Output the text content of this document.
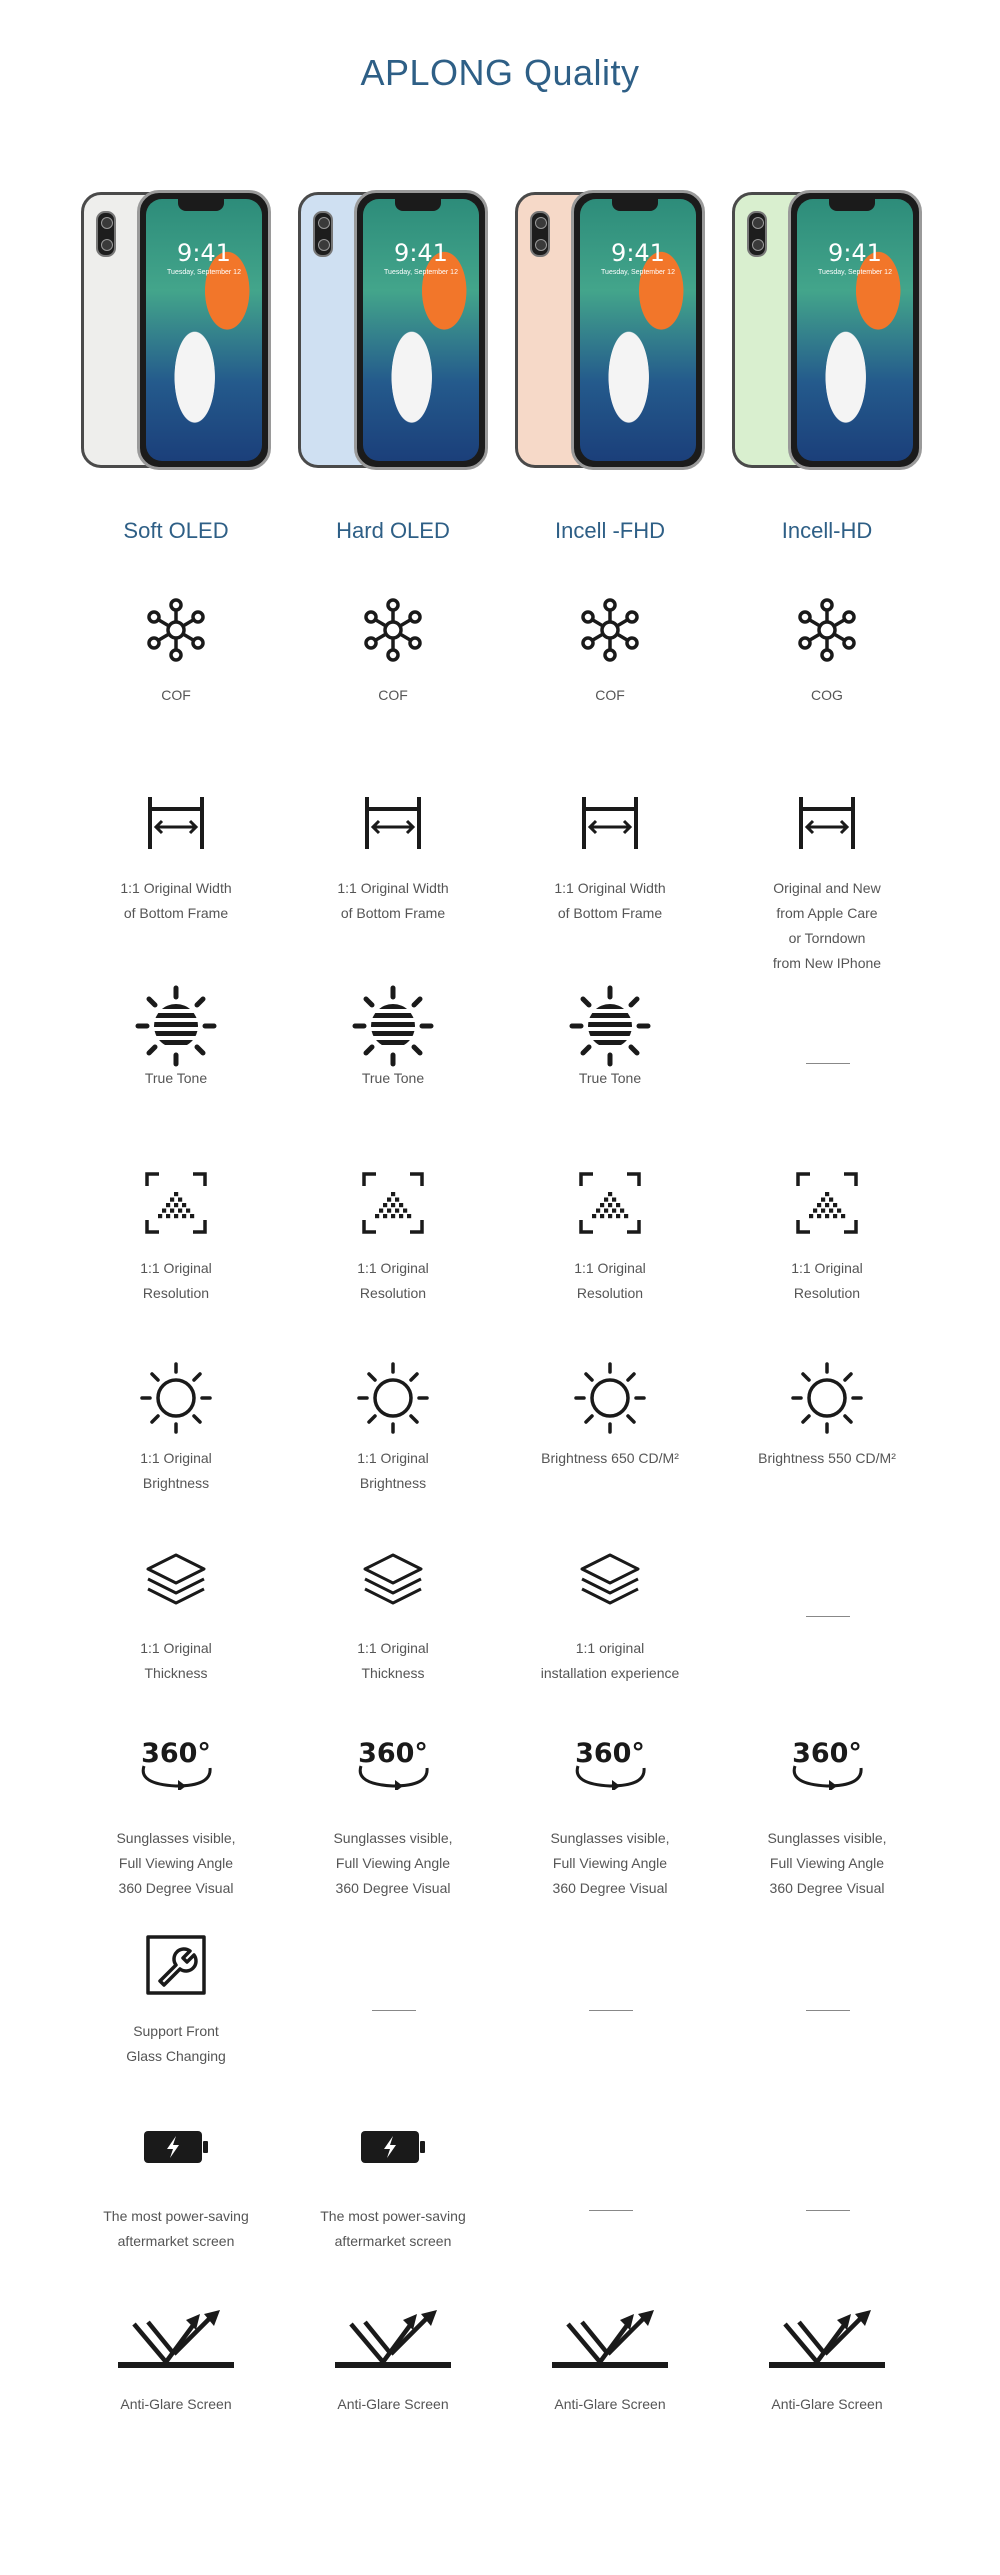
APLONG Quality
9:41
Tuesday, September 12
Soft OLED
COF
1:1 Original Width
of Bottom Frame
True Tone
1:1 Original
Resolution
1:1 Original
Brightness
1:1 Original
Thickness
360°
Sunglasses visible,
Full Viewing Angle
360 Degree Visual
Support Front
Glass Changing
The most power-saving
aftermarket screen
Anti-Glare Screen
9:41
Tuesday, September 12
Hard OLED
COF
1:1 Original Width
of Bottom Frame
True Tone
1:1 Original
Resolution
1:1 Original
Brightness
1:1 Original
Thickness
360°
Sunglasses visible,
Full Viewing Angle
360 Degree Visual
The most power-saving
aftermarket screen
Anti-Glare Screen
9:41
Tuesday, September 12
Incell -FHD
COF
1:1 Original Width
of Bottom Frame
True Tone
1:1 Original
Resolution
Brightness 650 CD/M²
1:1 original
installation experience
360°
Sunglasses visible,
Full Viewing Angle
360 Degree Visual
Anti-Glare Screen
9:41
Tuesday, September 12
Incell-HD
COG
Original and New
from Apple Care
or Torndown
from New IPhone
1:1 Original
Resolution
Brightness 550 CD/M²
360°
Sunglasses visible,
Full Viewing Angle
360 Degree Visual
Anti-Glare Screen
